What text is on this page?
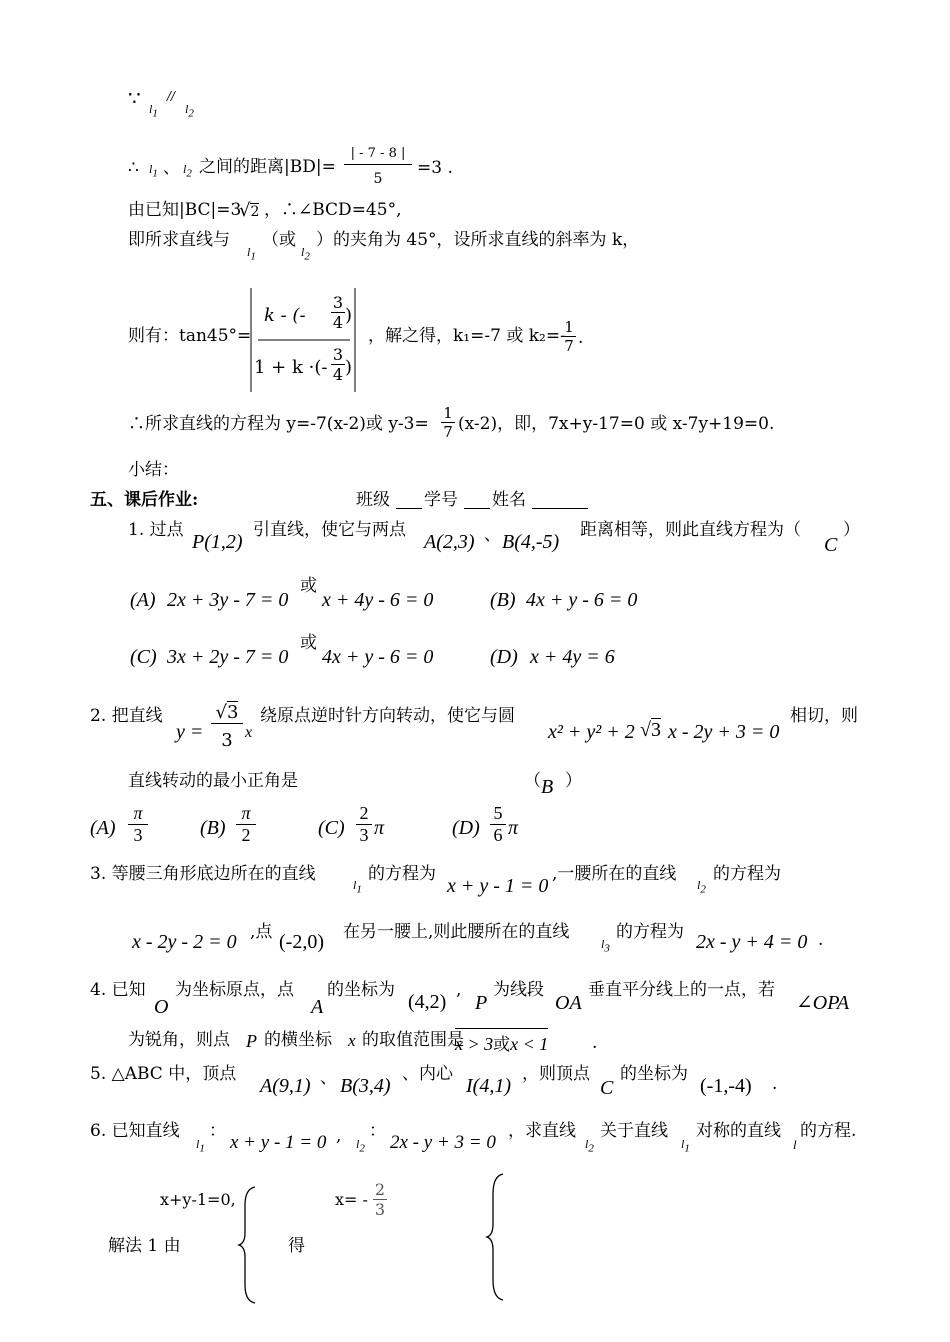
∵ $l_1$
//
$l_2$
∴ $l_1$ 、 $l_2$ 之间的距离|BD|=
| - 7 - 8 |
5
=3 .
由已知|BC|=3
√2 ，∴∠BCD=45°,
即所求直线与
$l_1$
（或
$l_2$
）的夹角为 45°，设所求直线的斜率为 k，
则有：tan45°=
k - (-
3
4 )
1 + k ·(-
3
4 )
，解之得，k₁=-7 或 k₂=-
1
7 .
∴所求直线的方程为 y=-7(x-2)或 y-3=
1
7 (x-2)，即，7x+y-17=0 或 x-7y+19=0.
小结：
五、课后作业:	班级 学号 姓名
1. 过点
P(1,2)
引直线，使它与两点
A(2,3) 、 B(4,-5)
距离相等，则此直线方程为（
C
）
(A) 2x + 3y - 7 = 0
或
x + 4y - 6 = 0	(B) 4x + y - 6 = 0
(C) 3x + 2y - 7 = 0
或
4x + y - 6 = 0	(D) x + 4y = 6
2. 把直线
y =
√3
3 x
绕原点逆时针方向转动，使它与圆
x² + y² + 2 √3 x - 2y + 3 = 0
相切，则
直线转动的最小正角是	（ B ）
(A)
π
3	(B)
π
2	(C)
2
3 π	(D)
5
6 π
3. 等腰三角形底边所在的直线
$l_1$
的方程为
x + y - 1 = 0
,一腰所在的直线
$l_2$
的方程为
x - 2y - 2 = 0 ,点 (-2,0) 在另一腰上,则此腰所在的直线
$l_3$
的方程为 2x - y + 4 = 0 .
4. 已知
O
为坐标原点，点
A
的坐标为
(4,2)
,
P
为线段
OA
垂直平分线上的一点，若
∠OPA
为锐角，则点 P 的横坐标 x 的取值范围是
x > 3或x < 1	.
5. △ABC 中，顶点
A(9,1) 、 B(3,4)
、内心
I(4,1)
，则顶点
C
的坐标为
(-1,-4) .
6. 已知直线
$l_1$
：
x + y - 1 = 0 , $l_2$
：
2x - y + 3 = 0
，求直线
$l_2$
关于直线
$l_1$
对称的直线
l
的方程.
x+y-1=0,
解法 1 由	得
x= -
2
3
